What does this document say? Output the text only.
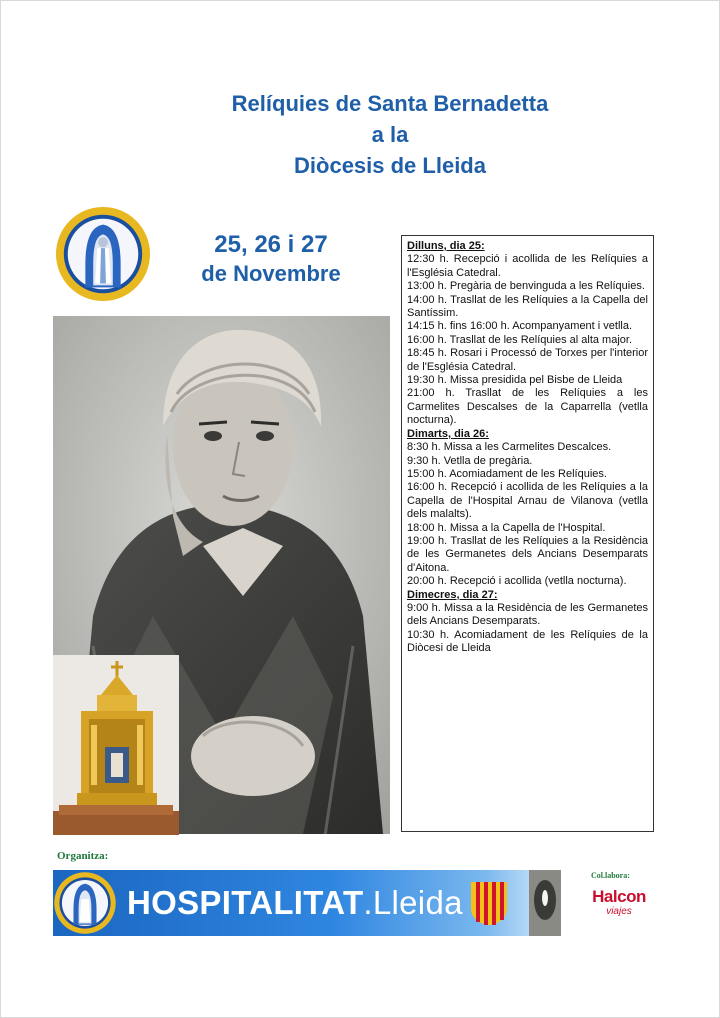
Relíquies de Santa Bernadetta
a la
Diòcesis de Lleida
25, 26 i 27
de Novembre
Dilluns, dia 25:
12:30 h. Recepció i acollida de les Relíquies a l'Església Catedral.
13:00 h. Pregària de benvinguda a les Relíquies.
14:00 h. Trasllat de les Relíquies a la Capella del Santíssim.
14:15 h. fins 16:00 h. Acompanyament i vetlla.
16:00 h. Trasllat de les Relíquies al alta major.
18:45 h. Rosari i Processó de Torxes per l'interior de l'Església Catedral.
19:30 h. Missa presidida pel Bisbe de Lleida
21:00 h. Trasllat de les Relíquies a les Carmelites Descalses de la Caparrella (vetlla nocturna).
Dimarts, dia 26:
8:30 h. Missa a les Carmelites Descalces.
9:30 h. Vetlla de pregària.
15:00 h. Acomiadament de les Relíquies.
16:00 h. Recepció i acollida de les Relíquies a la Capella de l'Hospital Arnau de Vilanova (vetlla dels malalts).
18:00 h. Missa a la Capella de l'Hospital.
19:00 h. Trasllat de les Relíquies a la Residència de les Germanetes dels Ancians Desemparats d'Aitona.
20:00 h. Recepció i acollida (vetlla nocturna).
Dimecres, dia 27:
9:00 h. Missa a la Residència de les Germanetes dels Ancians Desemparats.
10:30 h. Acomiadament de les Relíquies de la Diòcesi de Lleida
Organitza:
HOSPITALITAT.Lleida
Col.labora:
Halcon
viajes
